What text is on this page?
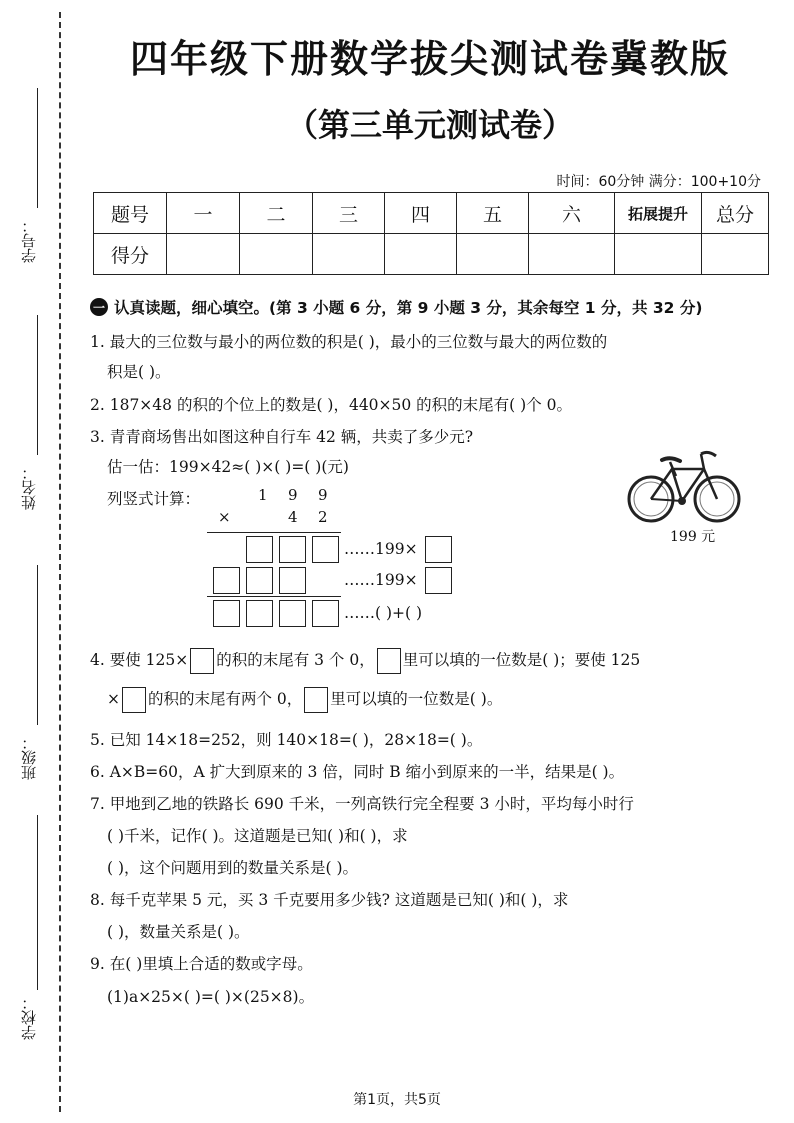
学号：
姓名：
班级：
学校：
四年级下册数学拔尖测试卷冀教版
（第三单元测试卷）
时间：60分钟 满分：100+10分
题号	一	二	三	四	五	六	拓展提升	总分
得分								
一 认真读题，细心填空。(第 3 小题 6 分，第 9 小题 3 分，其余每空 1 分，共 32 分)
1. 最大的三位数与最小的两位数的积是( )，最小的三位数与最大的两位数的
积是( )。
2. 187×48 的积的个位上的数是( )，440×50 的积的末尾有( )个 0。
3. 青青商场售出如图这种自行车 42 辆，共卖了多少元?
估一估：199×42≈( )×( )=( )(元)
列竖式计算：	1 9 9
×	4 2
……199×
……199×
……( )+( )
199 元
4. 要使 125× 的积的末尾有 3 个 0， 里可以填的一位数是( )；要使 125
× 的积的末尾有两个 0， 里可以填的一位数是( )。
5. 已知 14×18=252，则 140×18=( )，28×18=( )。
6. A×B=60，A 扩大到原来的 3 倍，同时 B 缩小到原来的一半，结果是( )。
7. 甲地到乙地的铁路长 690 千米，一列高铁行完全程要 3 小时，平均每小时行
( )千米，记作( )。这道题是已知( )和( )，求
( )，这个问题用到的数量关系是( )。
8. 每千克苹果 5 元，买 3 千克要用多少钱? 这道题是已知( )和( )，求
( )，数量关系是( )。
9. 在( )里填上合适的数或字母。
(1)a×25×( )=( )×(25×8)。
第1页，共5页
